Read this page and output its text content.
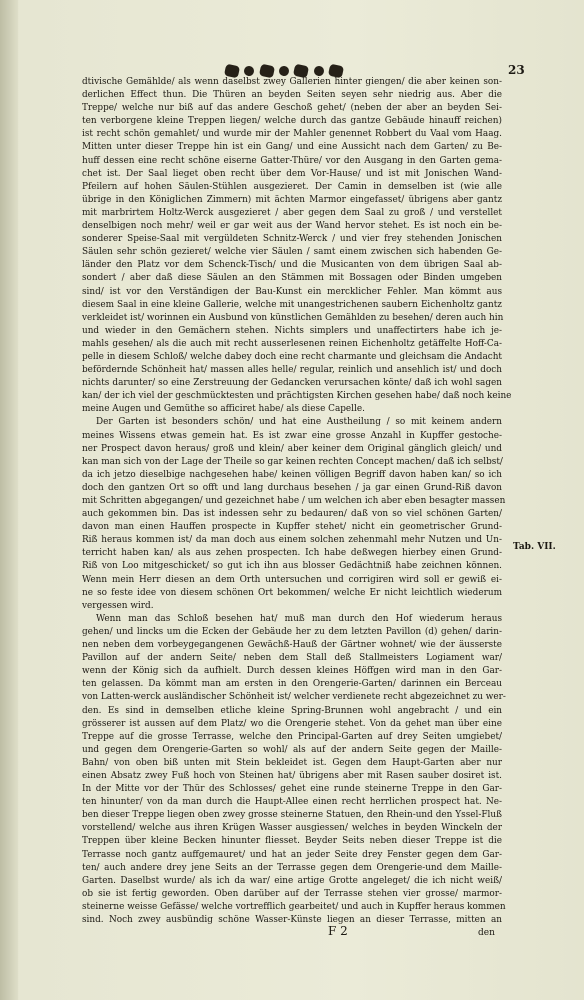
23
dtivische Gemählde/ als wenn daselbst zwey Gallerien hinter giengen/ die aber keinen son-
derlichen Effect thun. Die Thüren an beyden Seiten seyen sehr niedrig aus. Aber die
Treppe/ welche nur biß auf das andere Geschoß gehet/ (neben der aber an beyden Sei-
ten verborgene kleine Treppen liegen/ welche durch das gantze Gebäude hinauff reichen)
ist recht schön gemahlet/ und wurde mir der Mahler genennet Robbert du Vaal vom Haag.
Mitten unter dieser Treppe hin ist ein Gang/ und eine Aussicht nach dem Garten/ zu Be-
huff dessen eine recht schöne eiserne Gatter-Thüre/ vor den Ausgang in den Garten gema-
chet ist. Der Saal lieget oben recht über dem Vor-Hause/ und ist mit Jonischen Wand-
Pfeilern auf hohen Säulen-Stühlen ausgezieret. Der Camin in demselben ist (wie alle
übrige in den Königlichen Zimmern) mit ächten Marmor eingefasset/ übrigens aber gantz
mit marbrirtem Holtz-Werck ausgezieret / aber gegen dem Saal zu groß / und verstellet
denselbigen noch mehr/ weil er gar weit aus der Wand hervor stehet. Es ist noch ein be-
sonderer Speise-Saal mit vergüldeten Schnitz-Werck / und vier frey stehenden Jonischen
Säulen sehr schön gezieret/ welche vier Säulen / samt einem zwischen sich habenden Ge-
länder den Platz vor dem Schenck-Tisch/ und die Musicanten von dem übrigen Saal ab-
sondert / aber daß diese Säulen an den Stämmen mit Bossagen oder Binden umgeben
sind/ ist vor den Verständigen der Bau-Kunst ein mercklicher Fehler. Man kömmt aus
diesem Saal in eine kleine Gallerie, welche mit unangestrichenen saubern Eichenholtz gantz
verkleidet ist/ worinnen ein Ausbund von künstlichen Gemählden zu besehen/ deren auch hin
und wieder in den Gemächern stehen. Nichts simplers und unaffectirters habe ich je-
mahls gesehen/ als die auch mit recht ausserlesenen reinen Eichenholtz getäffelte Hoff-Ca-
pelle in diesem Schloß/ welche dabey doch eine recht charmante und gleichsam die Andacht
befördernde Schönheit hat/ massen alles helle/ regular, reinlich und ansehlich ist/ und doch
nichts darunter/ so eine Zerstreuung der Gedancken verursachen könte/ daß ich wohl sagen
kan/ der ich viel der geschmücktesten und prächtigsten Kirchen gesehen habe/ daß noch keine
meine Augen und Gemüthe so afficiret habe/ als diese Capelle.
Der Garten ist besonders schön/ und hat eine Austheilung / so mit keinem andern
meines Wissens etwas gemein hat. Es ist zwar eine grosse Anzahl in Kupffer gestoche-
ner Prospect davon heraus/ groß und klein/ aber keiner dem Original gänglich gleich/ und
kan man sich von der Lage der Theile so gar keinen rechten Concept machen/ daß ich selbst/
da ich jetzo dieselbige nachgesehen habe/ keinen völligen Begriff davon haben kan/ so ich
doch den gantzen Ort so offt und lang durchaus besehen / ja gar einen Grund-Riß davon
mit Schritten abgegangen/ und gezeichnet habe / um welchen ich aber eben besagter massen
auch gekommen bin. Das ist indessen sehr zu bedauren/ daß von so viel schönen Garten/
davon man einen Hauffen prospecte in Kupffer stehet/ nicht ein geometrischer Grund-
Riß heraus kommen ist/ da man doch aus einem solchen zehenmahl mehr Nutzen und Un-
terricht haben kan/ als aus zehen prospecten. Ich habe deßwegen hierbey einen Grund-
Riß von Loo mitgeschicket/ so gut ich ihn aus blosser Gedächtniß habe zeichnen können.
Wenn mein Herr diesen an dem Orth untersuchen und corrigiren wird soll er gewiß ei-
ne so feste idee von diesem schönen Ort bekommen/ welche Er nicht leichtlich wiederum
vergessen wird.
Wenn man das Schloß besehen hat/ muß man durch den Hof wiederum heraus
gehen/ und lincks um die Ecken der Gebäude her zu dem letzten Pavillon (d) gehen/ darin-
nen neben dem vorbeygegangenen Gewächß-Hauß der Gärtner wohnet/ wie der äusserste
Pavillon auf der andern Seite/ neben dem Stall deß Stallmeisters Logiament war/
wenn der König sich da aufhielt. Durch dessen kleines Höffgen wird man in den Gar-
ten gelassen. Da kömmt man am ersten in den Orengerie-Garten/ darinnen ein Berceau
von Latten-werck ausländischer Schönheit ist/ welcher verdienete recht abgezeichnet zu wer-
den. Es sind in demselben etliche kleine Spring-Brunnen wohl angebracht / und ein
grösserer ist aussen auf dem Platz/ wo die Orengerie stehet. Von da gehet man über eine
Treppe auf die grosse Terrasse, welche den Principal-Garten auf drey Seiten umgiebet/
und gegen dem Orengerie-Garten so wohl/ als auf der andern Seite gegen der Maille-
Bahn/ von oben biß unten mit Stein bekleidet ist. Gegen dem Haupt-Garten aber nur
einen Absatz zwey Fuß hoch von Steinen hat/ übrigens aber mit Rasen sauber dosiret ist.
In der Mitte vor der Thür des Schlosses/ gehet eine runde steinerne Treppe in den Gar-
ten hinunter/ von da man durch die Haupt-Allee einen recht herrlichen prospect hat. Ne-
ben dieser Treppe liegen oben zwey grosse steinerne Statuen, den Rhein-und den Yssel-Fluß
vorstellend/ welche aus ihren Krügen Wasser ausgiessen/ welches in beyden Winckeln der
Treppen über kleine Becken hinunter fliesset. Beyder Seits neben dieser Treppe ist die
Terrasse noch gantz auffgemauret/ und hat an jeder Seite drey Fenster gegen dem Gar-
ten/ auch andere drey jene Seits an der Terrasse gegen dem Orengerie-und dem Maille-
Garten. Daselbst wurde/ als ich da war/ eine artige Grotte angeleget/ die ich nicht weiß/
ob sie ist fertig geworden. Oben darüber auf der Terrasse stehen vier grosse/ marmor-
steinerne weisse Gefässe/ welche vortrefflich gearbeitet/ und auch in Kupffer heraus kommen
sind. Noch zwey ausbündig schöne Wasser-Künste liegen an dieser Terrasse, mitten an
Tab. VII.
F 2	den
